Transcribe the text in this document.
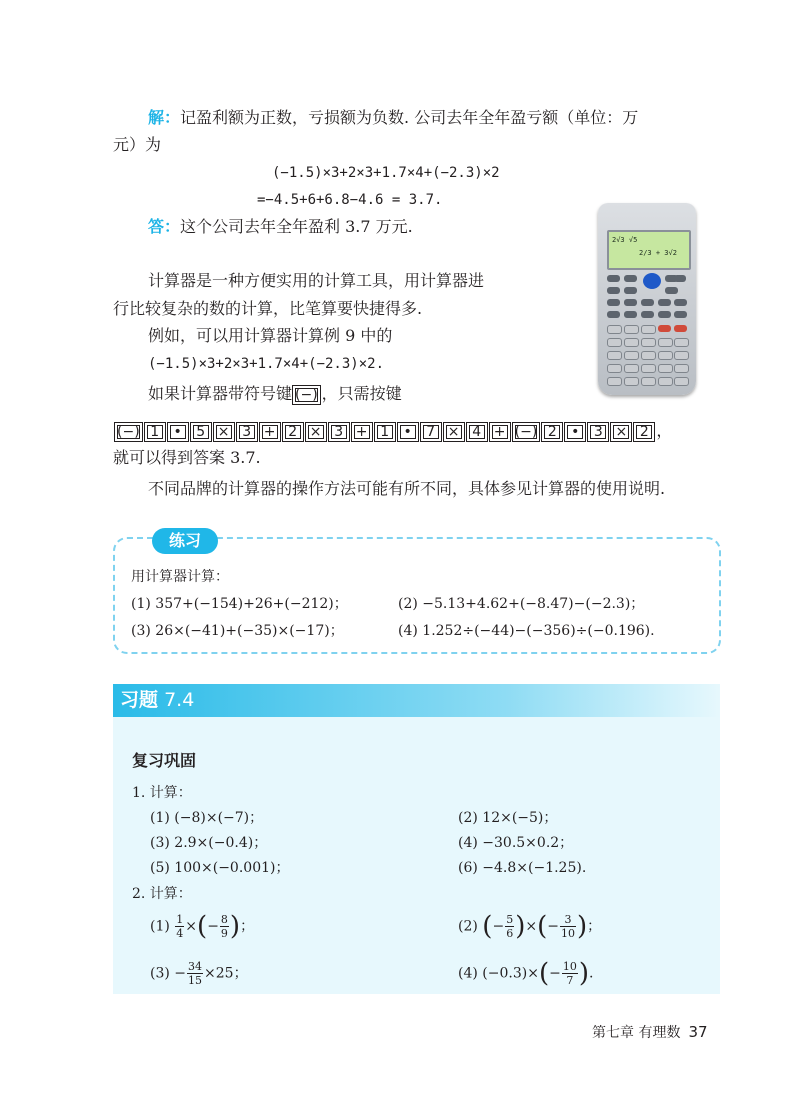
解：记盈利额为正数，亏损额为负数. 公司去年全年盈亏额（单位：万
元）为
(−1.5)×3+2×3+1.7×4+(−2.3)×2
=−4.5+6+6.8−4.6 = 3.7.
答：这个公司去年全年盈利 3.7 万元.
2√3 √5
2/3 + 3√2
计算器是一种方便实用的计算工具，用计算器进
行比较复杂的数的计算，比笔算要快捷得多.
例如，可以用计算器计算例 9 中的
(−1.5)×3+2×3+1.7×4+(−2.3)×2.
如果计算器带符号键 (−) ，只需按键
(−) 1 • 5 × 3 + 2 × 3 + 1 • 7 × 4 + (−) 2 • 3 × 2 ，
就可以得到答案 3.7.
不同品牌的计算器的操作方法可能有所不同，具体参见计算器的使用说明.
练习
用计算器计算：
(1) 357+(−154)+26+(−212)；	(2) −5.13+4.62+(−8.47)−(−2.3)；
(3) 26×(−41)+(−35)×(−17)；	(4) 1.252÷(−44)−(−356)÷(−0.196).
习题 7.4
复习巩固
1. 计算：
(1) (−8)×(−7)；	(2) 12×(−5)；
(3) 2.9×(−0.4)；	(4) −30.5×0.2；
(5) 100×(−0.001)；	(6) −4.8×(−1.25).
2. 计算：
$(1) \frac{1}{4}$ ×(− $\frac{8}{9}$ )；	(2) (− $\frac{5}{6}$ )×(− $\frac{3}{10}$ )；
$(3) - \frac{34}{15} \times 25$；	(4) $(-0.3)\times(- \frac{10}{7}$ ).
第七章 有理数 37
